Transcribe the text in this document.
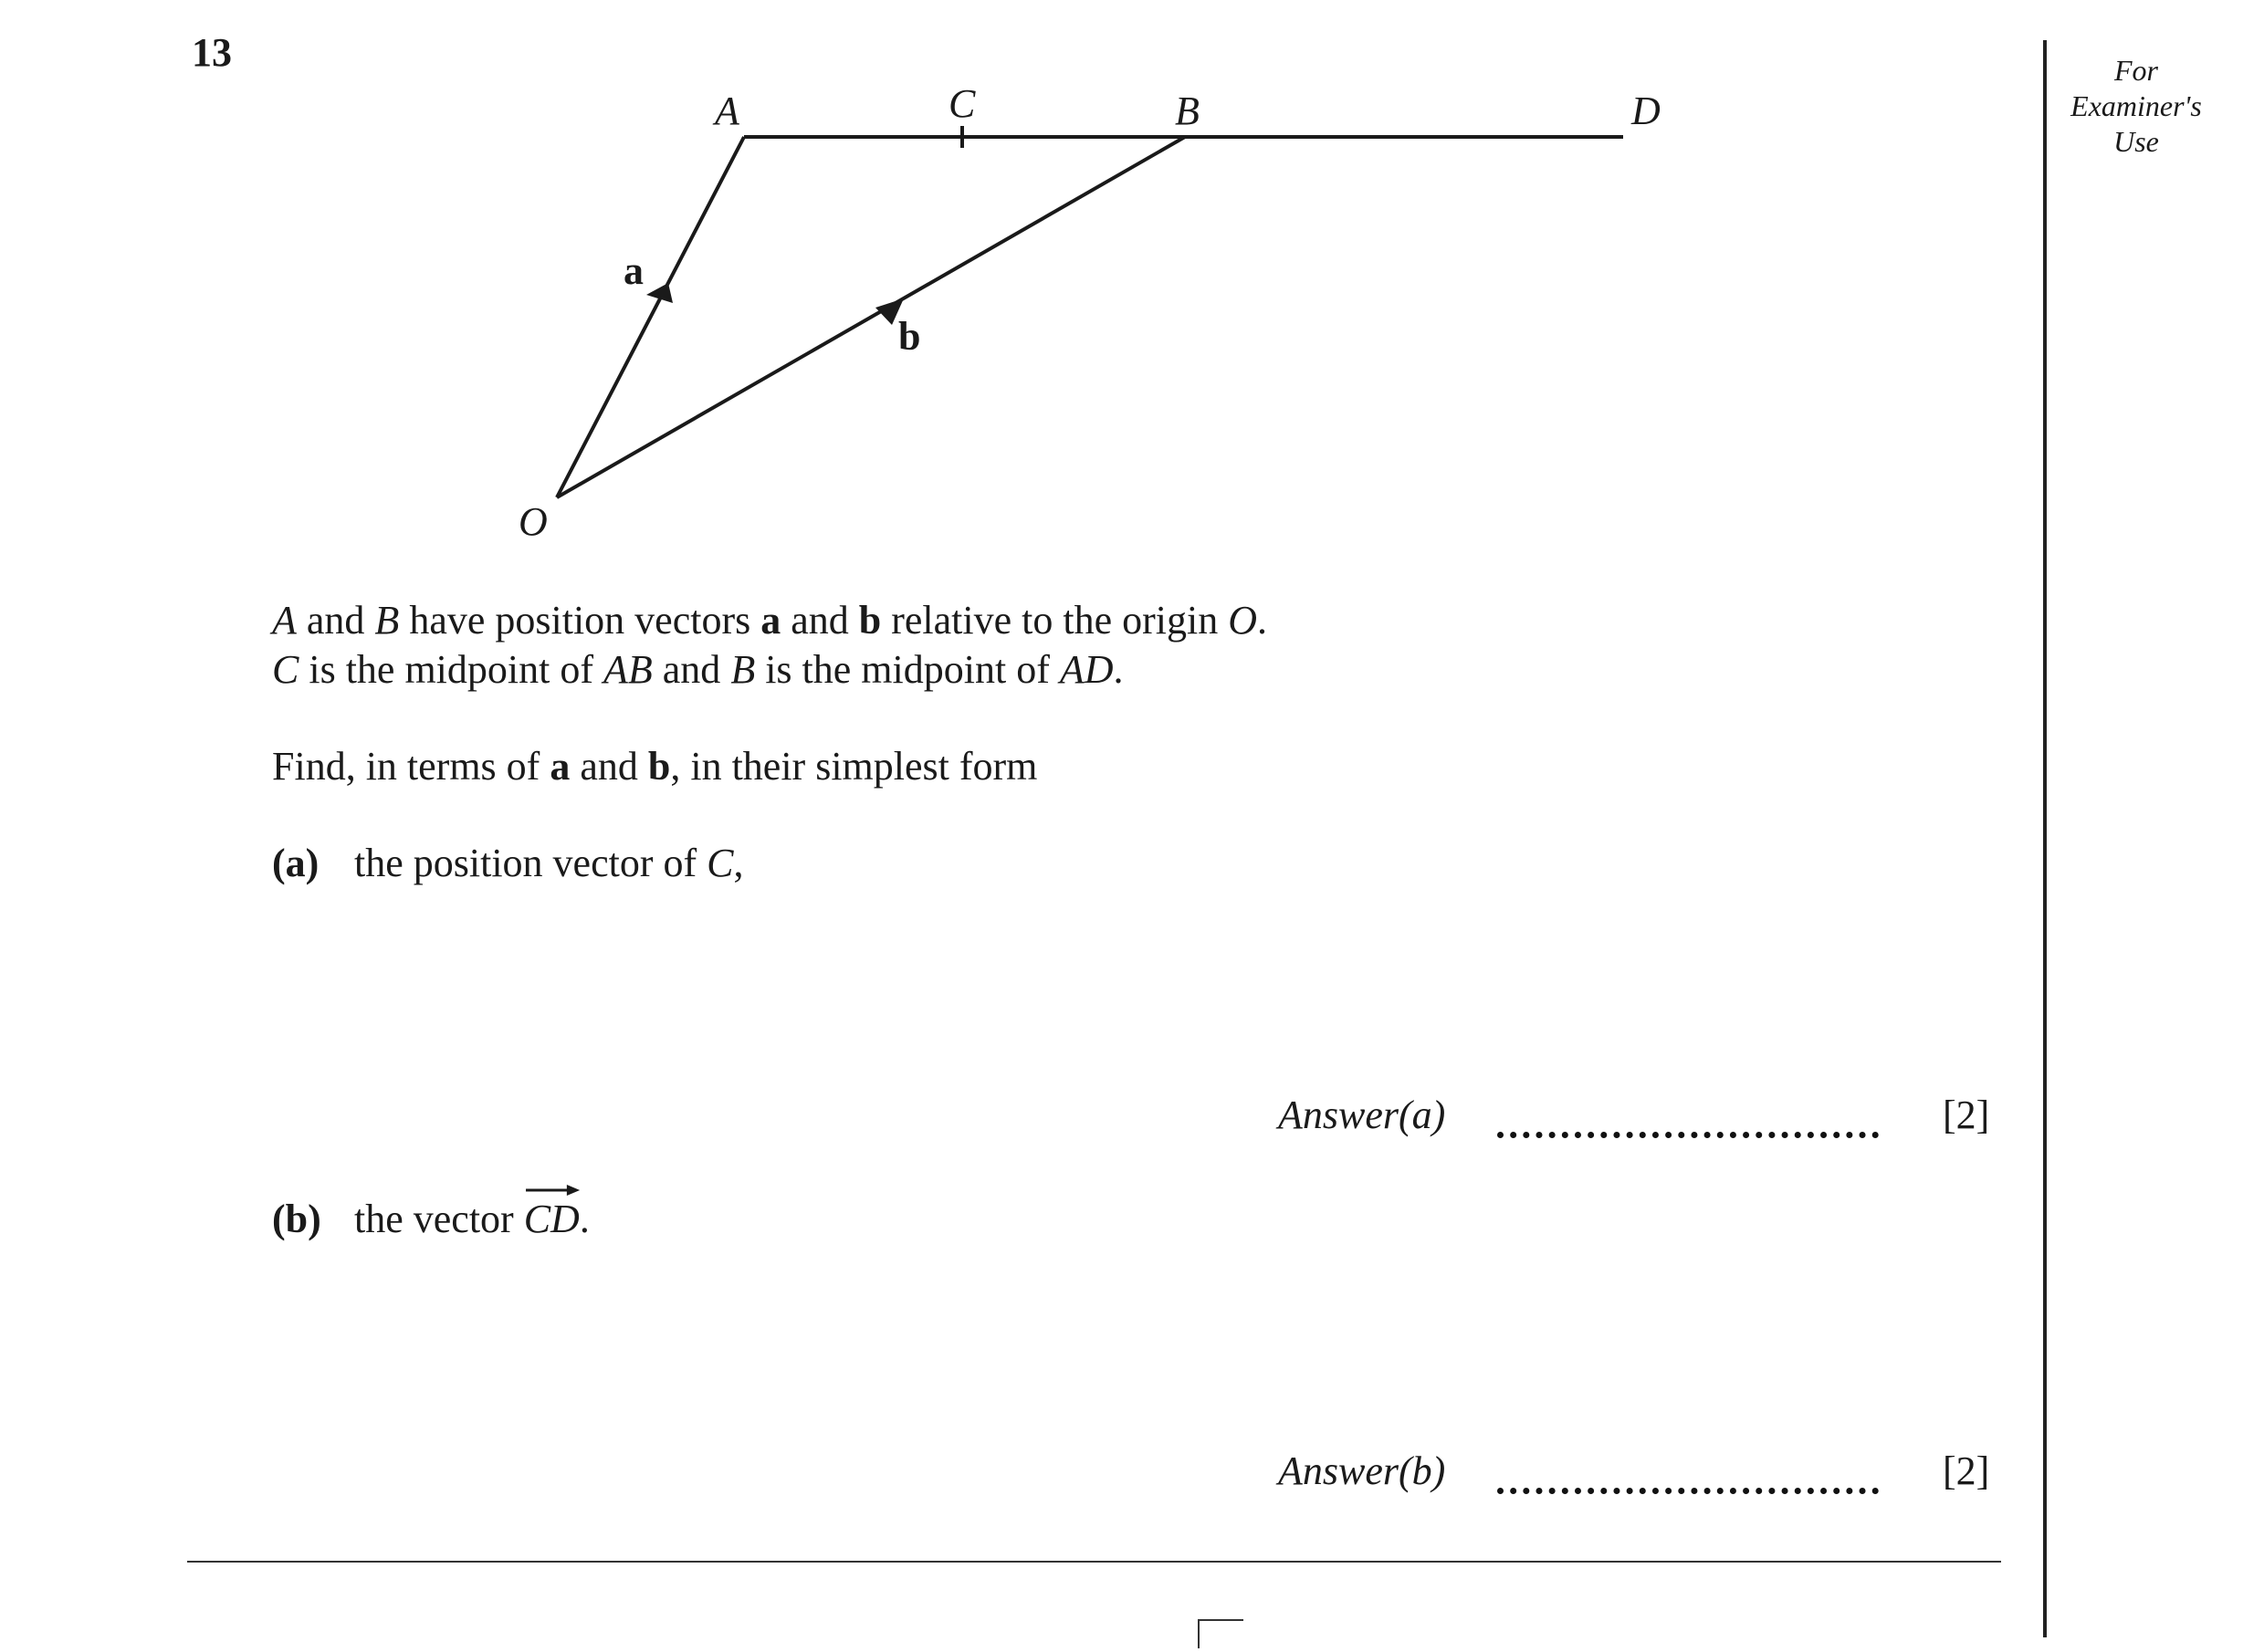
13	For
Examiner's
Use
A	C	B	D
O
a
b
A and B have position vectors a and b relative to the origin O.
C is the midpoint of AB and B is the midpoint of AD.
Find, in terms of a and b, in their simplest form
(a) the position vector of C,
Answer(a)	[2]
(b) the vector
CD.
Answer(b)	[2]
